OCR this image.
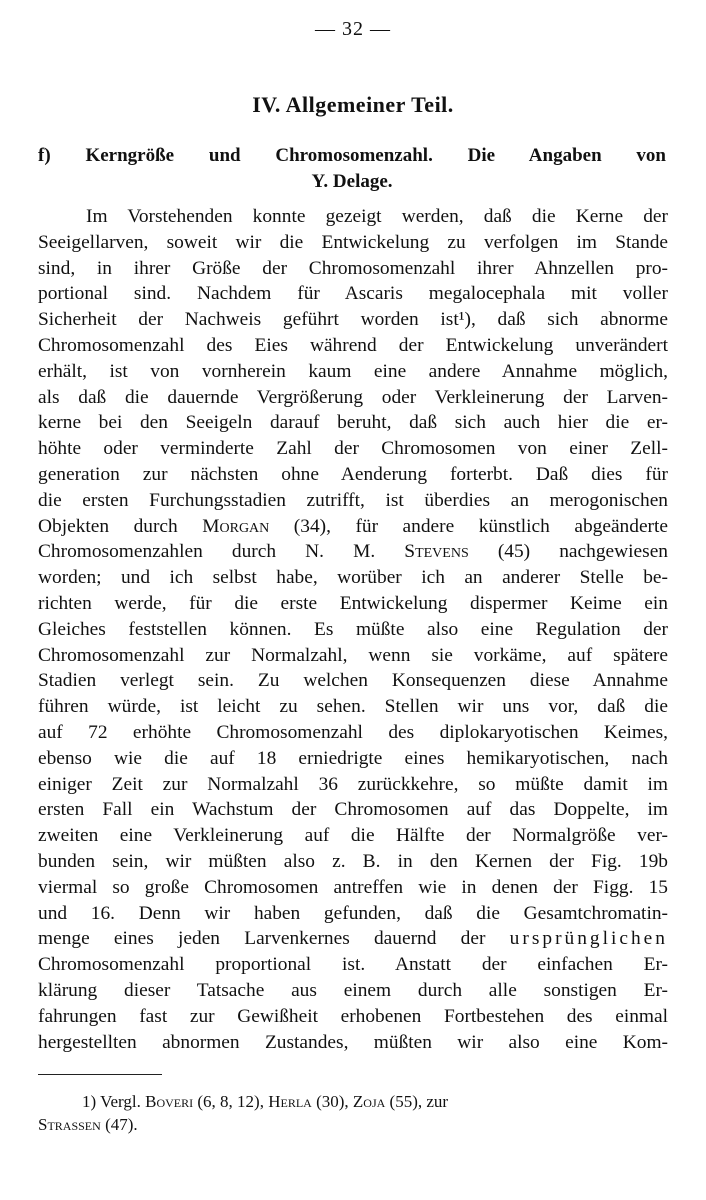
— 32 —
IV. Allgemeiner Teil.
f) Kerngröße und Chromosomenzahl. Die Angaben von
Y. Delage.
Im Vorstehenden konnte gezeigt werden, daß die Kerne der
Seeigellarven, soweit wir die Entwickelung zu verfolgen im Stande
sind, in ihrer Größe der Chromosomenzahl ihrer Ahnzellen pro-
portional sind. Nachdem für Ascaris megalocephala mit voller
Sicherheit der Nachweis geführt worden ist¹), daß sich abnorme
Chromosomenzahl des Eies während der Entwickelung unverändert
erhält, ist von vornherein kaum eine andere Annahme möglich,
als daß die dauernde Vergrößerung oder Verkleinerung der Larven-
kerne bei den Seeigeln darauf beruht, daß sich auch hier die er-
höhte oder verminderte Zahl der Chromosomen von einer Zell-
generation zur nächsten ohne Aenderung forterbt. Daß dies für
die ersten Furchungsstadien zutrifft, ist überdies an merogonischen
Objekten durch Morgan (34), für andere künstlich abgeänderte
Chromosomenzahlen durch N. M. Stevens (45) nachgewiesen
worden; und ich selbst habe, worüber ich an anderer Stelle be-
richten werde, für die erste Entwickelung dispermer Keime ein
Gleiches feststellen können. Es müßte also eine Regulation der
Chromosomenzahl zur Normalzahl, wenn sie vorkäme, auf spätere
Stadien verlegt sein. Zu welchen Konsequenzen diese Annahme
führen würde, ist leicht zu sehen. Stellen wir uns vor, daß die
auf 72 erhöhte Chromosomenzahl des diplokaryotischen Keimes,
ebenso wie die auf 18 erniedrigte eines hemikaryotischen, nach
einiger Zeit zur Normalzahl 36 zurückkehre, so müßte damit im
ersten Fall ein Wachstum der Chromosomen auf das Doppelte, im
zweiten eine Verkleinerung auf die Hälfte der Normalgröße ver-
bunden sein, wir müßten also z. B. in den Kernen der Fig. 19b
viermal so große Chromosomen antreffen wie in denen der Figg. 15
und 16. Denn wir haben gefunden, daß die Gesamtchromatin-
menge eines jeden Larvenkernes dauernd der ursprünglichen
Chromosomenzahl proportional ist. Anstatt der einfachen Er-
klärung dieser Tatsache aus einem durch alle sonstigen Er-
fahrungen fast zur Gewißheit erhobenen Fortbestehen des einmal
hergestellten abnormen Zustandes, müßten wir also eine Kom-
1) Vergl. Boveri (6, 8, 12), Herla (30), Zoja (55), zur
Strassen (47).
